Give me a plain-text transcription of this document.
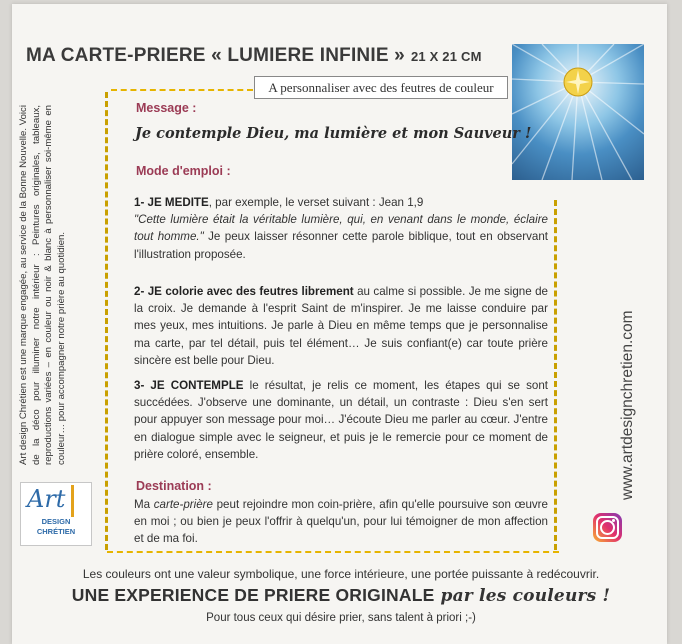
MA CARTE-PRIERE « LUMIERE INFINIE » 21 X 21 CM
A personnaliser avec des feutres de couleur
Message :
Je contemple Dieu, ma lumière et mon Sauveur !
Mode d'emploi :
1- JE MEDITE, par exemple, le verset suivant : Jean 1,9
"Cette lumière était la véritable lumière, qui, en venant dans le monde, éclaire tout homme." Je peux laisser résonner cette parole biblique, tout en observant l'illustration proposée.
2- JE colorie avec des feutres librement au calme si possible. Je me signe de la croix. Je demande à l'esprit Saint de m'inspirer. Je me laisse conduire par mes yeux, mes intuitions. Je parle à Dieu en même temps que je personnalise ma carte, par tel détail, puis tel élément… Je suis confiant(e) car toute prière sincère est belle pour Dieu.
3- JE CONTEMPLE le résultat, je relis ce moment, les étapes qui se sont succédées. J'observe une dominante, un détail, un contraste : Dieu s'en sert pour appuyer son message pour moi… J'écoute Dieu me parler au cœur. J'entre en dialogue simple avec le seigneur, et puis je le remercie pour ce moment de prière coloré, ensemble.
Destination :
Ma carte-prière peut rejoindre mon coin-prière, afin qu'elle poursuive son œuvre en moi ; ou bien je peux l'offrir à quelqu'un, pour lui témoigner de mon affection et de ma foi.
Art design Chrétien est une marque engagée, au service de la Bonne Nouvelle. Voici de la déco pour illuminer notre intérieur : Peintures originales, tableaux, reproductions variées – en couleur ou noir & blanc à personnaliser soi-même en couleur… pour accompagner notre prière au quotidien.
Art
DESIGN
CHRÉTIEN
www.artdesignchretien.com
Les couleurs ont une valeur symbolique, une force intérieure, une portée puissante à redécouvrir.
UNE EXPERIENCE DE PRIERE ORIGINALE par les couleurs !
Pour tous ceux qui désire prier, sans talent à priori ;-)
